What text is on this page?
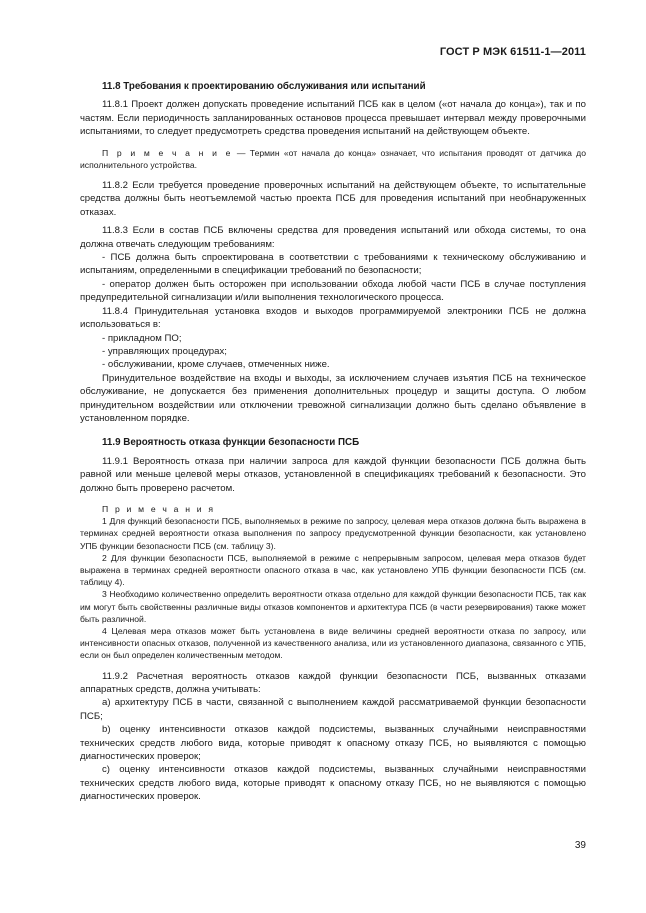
ГОСТ Р МЭК 61511-1—2011

11.8 Требования к проектированию обслуживания или испытаний

11.8.1 Проект должен допускать проведение испытаний ПСБ как в целом («от начала до конца»), так и по частям. Если периодичность запланированных остановов процесса превышает интервал между проверочными испытаниями, то следует предусмотреть средства проведения испытаний на действующем объекте.

П р и м е ч а н и е — Термин «от начала до конца» означает, что испытания проводят от датчика до исполнительного устройства.

11.8.2 Если требуется проведение проверочных испытаний на действующем объекте, то испытательные средства должны быть неотъемлемой частью проекта ПСБ для проведения испытаний при необнаруженных отказах.

11.8.3 Если в состав ПСБ включены средства для проведения испытаний или обхода системы, то она должна отвечать следующим требованиям:

- ПСБ должна быть спроектирована в соответствии с требованиями к техническому обслуживанию и испытаниям, определенными в спецификации требований по безопасности;

- оператор должен быть осторожен при использовании обхода любой части ПСБ в случае поступления предупредительной сигнализации и/или выполнения технологического процесса.

11.8.4 Принудительная установка входов и выходов программируемой электроники ПСБ не должна использоваться в:

- прикладном ПО;

- управляющих процедурах;

- обслуживании, кроме случаев, отмеченных ниже.

Принудительное воздействие на входы и выходы, за исключением случаев изъятия ПСБ на техническое обслуживание, не допускается без применения дополнительных процедур и защиты доступа. О любом принудительном воздействии или отключении тревожной сигнализации должно быть сделано объявление в установленном порядке.

11.9 Вероятность отказа функции безопасности ПСБ

11.9.1 Вероятность отказа при наличии запроса для каждой функции безопасности ПСБ должна быть равной или меньше целевой меры отказов, установленной в спецификациях требований к безопасности. Это должно быть проверено расчетом.

П р и м е ч а н и я

1 Для функций безопасности ПСБ, выполняемых в режиме по запросу, целевая мера отказов должна быть выражена в терминах средней вероятности отказа выполнения по запросу предусмотренной функции безопасности, как установлено УПБ функции безопасности ПСБ (см. таблицу 3).

2 Для функции безопасности ПСБ, выполняемой в режиме с непрерывным запросом, целевая мера отказов будет выражена в терминах средней вероятности опасного отказа в час, как установлено УПБ функции безопасности ПСБ (см. таблицу 4).

3 Необходимо количественно определить вероятности отказа отдельно для каждой функции безопасности ПСБ, так как им могут быть свойственны различные виды отказов компонентов и архитектура ПСБ (в части резервирования) также может быть различной.

4 Целевая мера отказов может быть установлена в виде величины средней вероятности отказа по запросу, или интенсивности опасных отказов, полученной из качественного анализа, или из установленного диапазона, связанного с УПБ, если он был определен количественным методом.

11.9.2 Расчетная вероятность отказов каждой функции безопасности ПСБ, вызванных отказами аппаратных средств, должна учитывать:

a) архитектуру ПСБ в части, связанной с выполнением каждой рассматриваемой функции безопасности ПСБ;

b) оценку интенсивности отказов каждой подсистемы, вызванных случайными неисправностями технических средств любого вида, которые приводят к опасному отказу ПСБ, но выявляются с помощью диагностических проверок;

c) оценку интенсивности отказов каждой подсистемы, вызванных случайными неисправностями технических средств любого вида, которые приводят к опасному отказу ПСБ, но не выявляются с помощью диагностических проверок.

39
